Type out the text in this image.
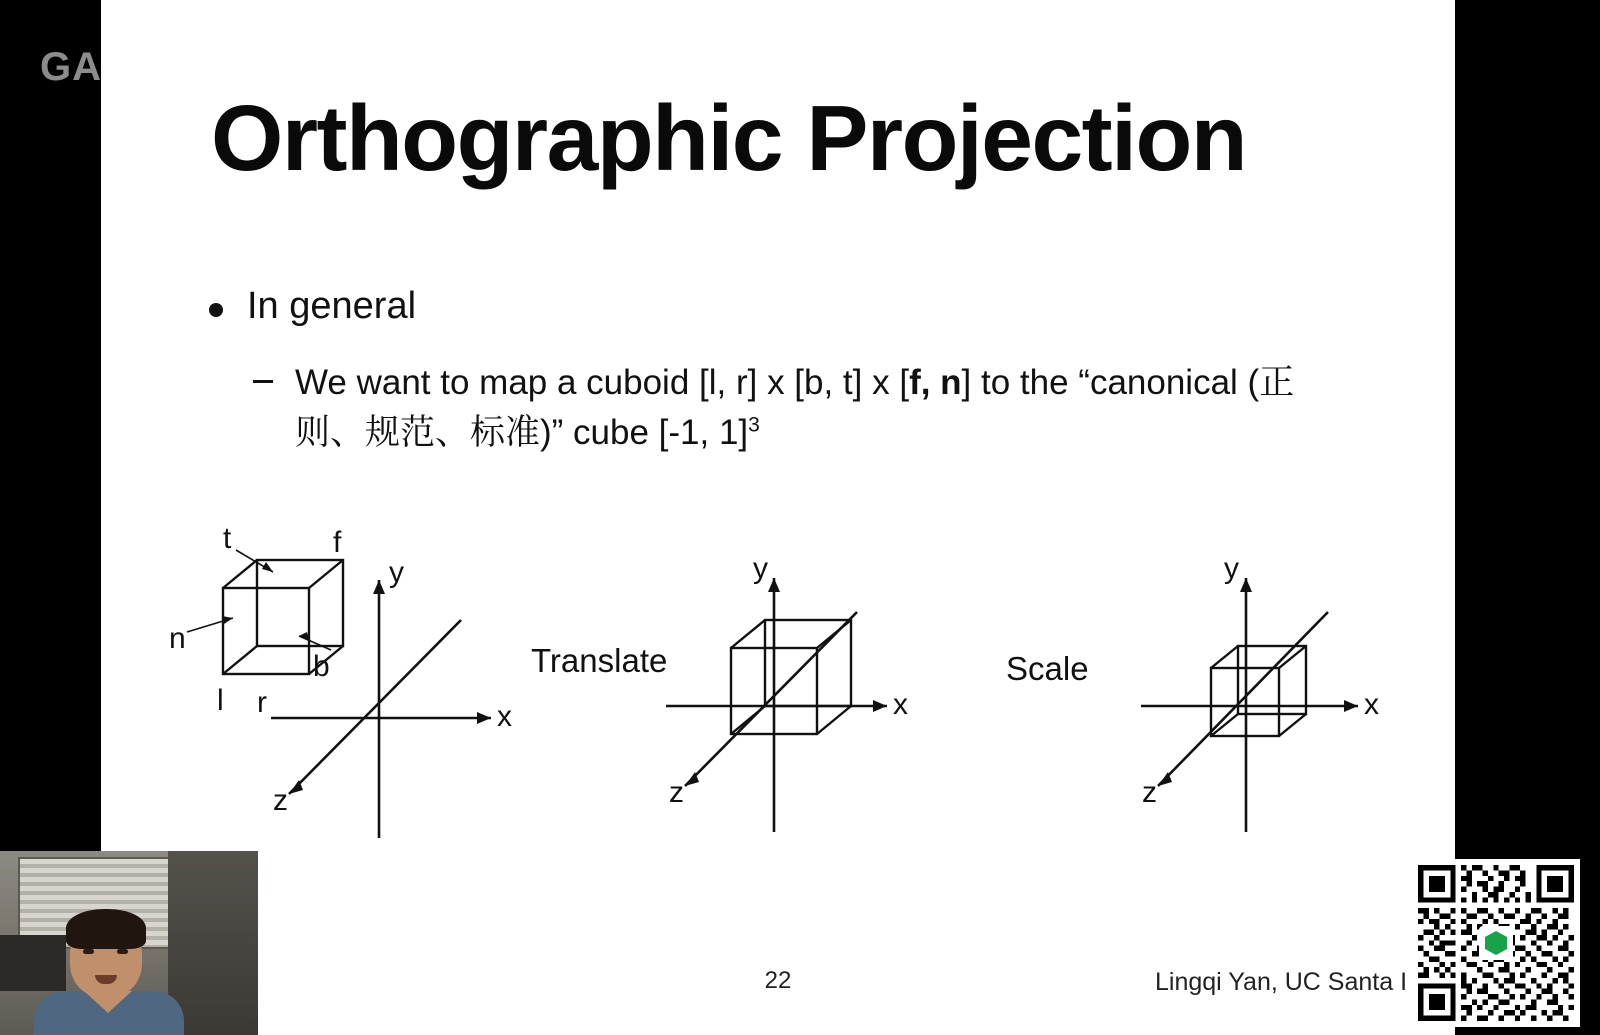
Orthographic Projection
In general
We want to map a cuboid [l, r] x [b, t] x [f, n] to the “canonical (正则、规范、标准)” cube [-1, 1]$^3$
t	f
n
l r
b
y
x
z
Translate
y
x
z
Scale
y
x
z
22	Lingqi Yan, UC Santa I
GAMES-Webinar bilibili
